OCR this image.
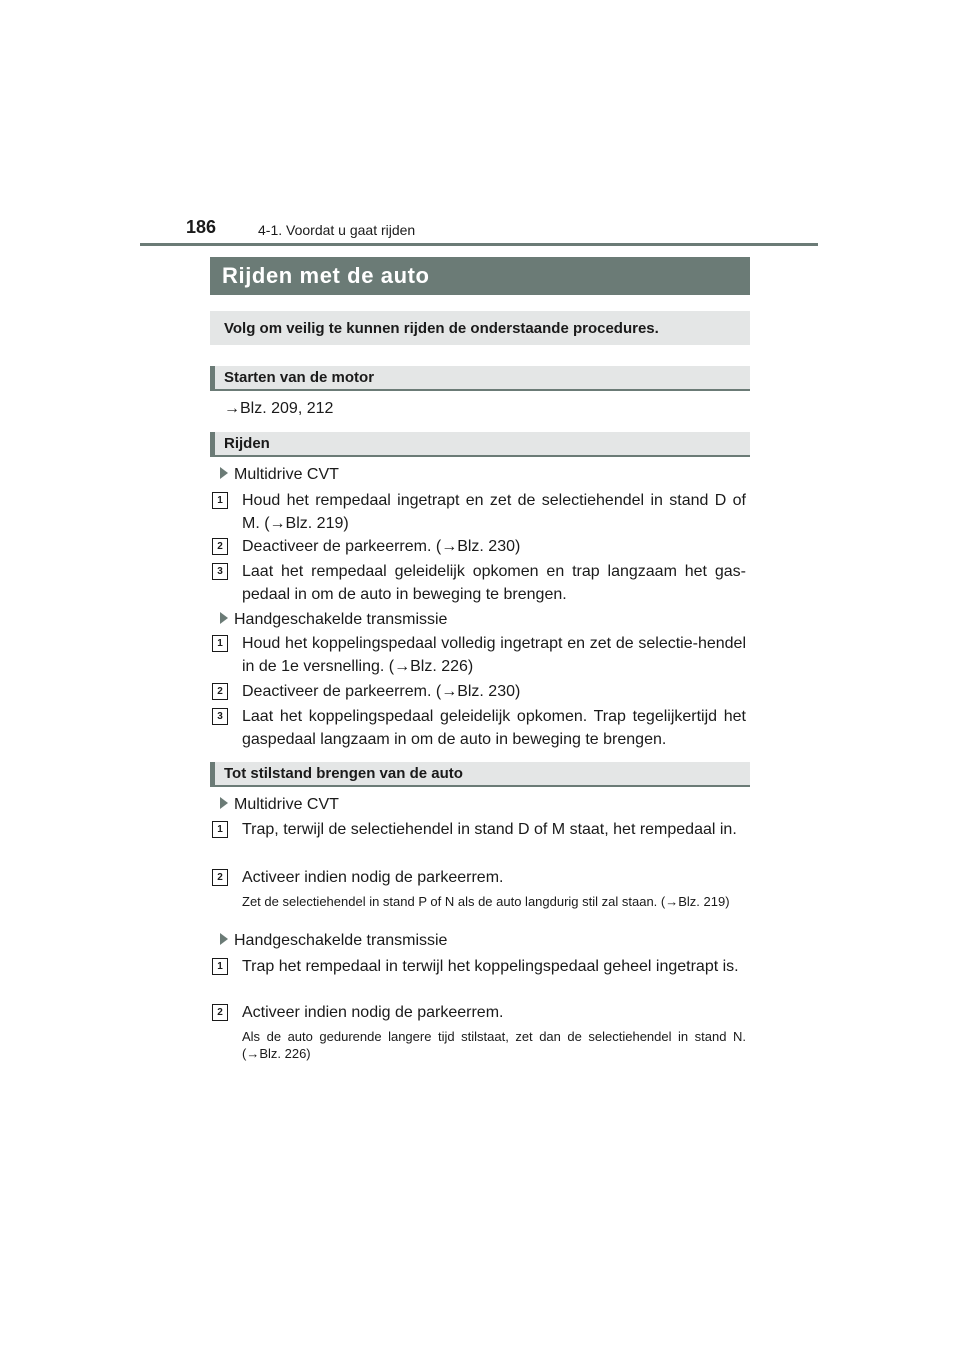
186	4-1. Voordat u gaat rijden
Rijden met de auto
Volg om veilig te kunnen rijden de onderstaande procedures.
Starten van de motor
→Blz. 209, 212
Rijden
Multidrive CVT
1	Houd het rempedaal ingetrapt en zet de selectiehendel in stand D of M. (→Blz. 219)
2	Deactiveer de parkeerrem. (→Blz. 230)
3	Laat het rempedaal geleidelijk opkomen en trap langzaam het gas-pedaal in om de auto in beweging te brengen.
Handgeschakelde transmissie
1	Houd het koppelingspedaal volledig ingetrapt en zet de selectie-hendel in de 1e versnelling. (→Blz. 226)
2	Deactiveer de parkeerrem. (→Blz. 230)
3	Laat het koppelingspedaal geleidelijk opkomen. Trap tegelijkertijd het gaspedaal langzaam in om de auto in beweging te brengen.
Tot stilstand brengen van de auto
Multidrive CVT
1	Trap, terwijl de selectiehendel in stand D of M staat, het rempedaal in.
2	Activeer indien nodig de parkeerrem.
Zet de selectiehendel in stand P of N als de auto langdurig stil zal staan. (→Blz. 219)
Handgeschakelde transmissie
1	Trap het rempedaal in terwijl het koppelingspedaal geheel ingetrapt is.
2	Activeer indien nodig de parkeerrem.
Als de auto gedurende langere tijd stilstaat, zet dan de selectiehendel in stand N. (→Blz. 226)
